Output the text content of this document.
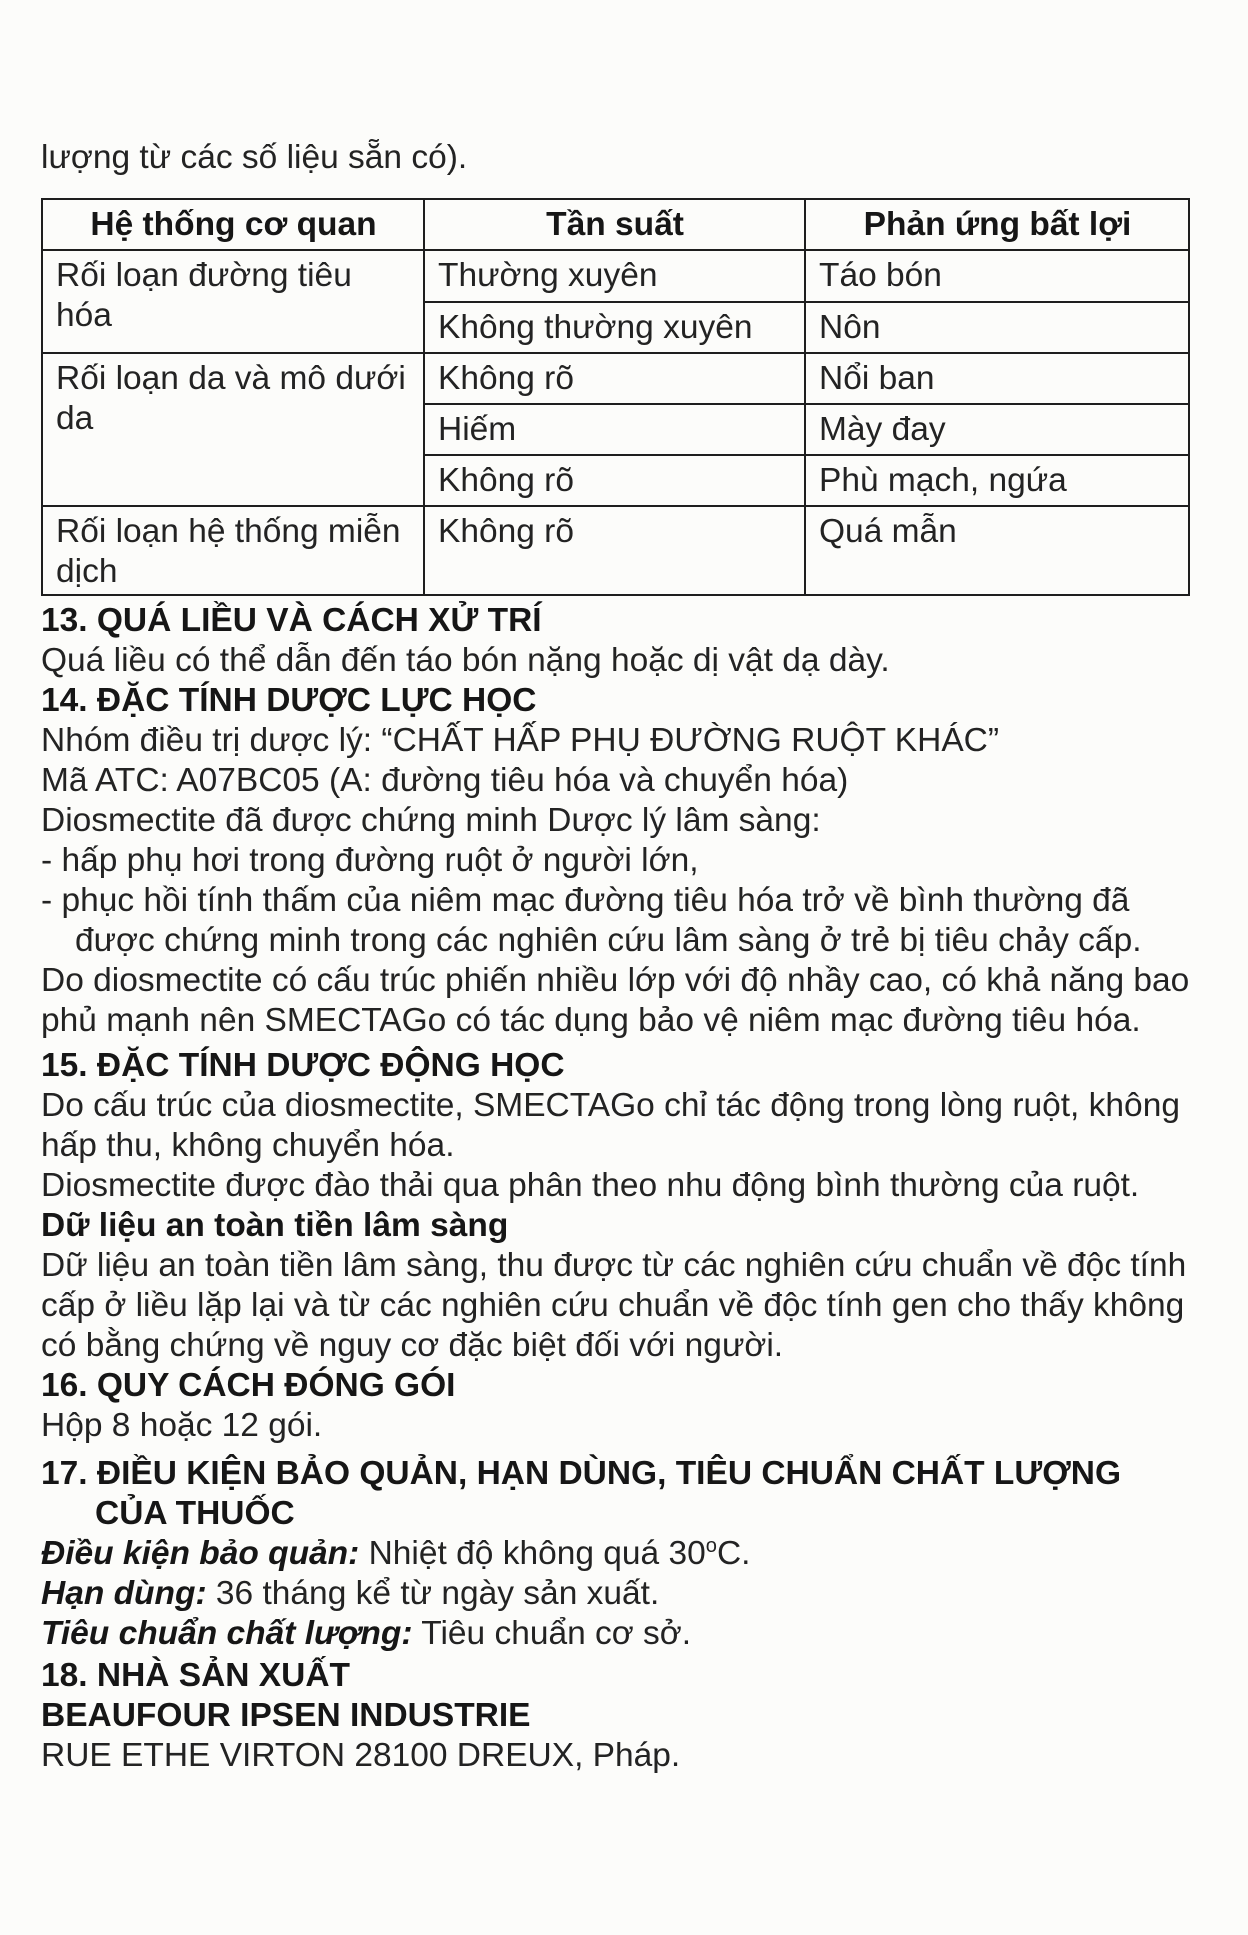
lượng từ các số liệu sẵn có).
Hệ thống cơ quan	Tần suất	Phản ứng bất lợi

Rối loạn đường tiêu
hóa	Thường xuyên	Táo bón
	Không thường xuyên	Nôn

Rối loạn da và mô dưới
da	Không rõ	Nổi ban
	Hiếm	Mày đay
	Không rõ	Phù mạch, ngứa

Rối loạn hệ thống miễn
dịch	Không rõ	Quá mẫn
13. QUÁ LIỀU VÀ CÁCH XỬ TRÍ
Quá liều có thể dẫn đến táo bón nặng hoặc dị vật dạ dày.
14. ĐẶC TÍNH DƯỢC LỰC HỌC
Nhóm điều trị dược lý: “CHẤT HẤP PHỤ ĐƯỜNG RUỘT KHÁC”
Mã ATC: A07BC05 (A: đường tiêu hóa và chuyển hóa)
Diosmectite đã được chứng minh Dược lý lâm sàng:
- hấp phụ hơi trong đường ruột ở người lớn,
- phục hồi tính thấm của niêm mạc đường tiêu hóa trở về bình thường đã
được chứng minh trong các nghiên cứu lâm sàng ở trẻ bị tiêu chảy cấp.
Do diosmectite có cấu trúc phiến nhiều lớp với độ nhầy cao, có khả năng bao
phủ mạnh nên SMECTAGo có tác dụng bảo vệ niêm mạc đường tiêu hóa.
15. ĐẶC TÍNH DƯỢC ĐỘNG HỌC
Do cấu trúc của diosmectite, SMECTAGo chỉ tác động trong lòng ruột, không
hấp thu, không chuyển hóa.
Diosmectite được đào thải qua phân theo nhu động bình thường của ruột.
Dữ liệu an toàn tiền lâm sàng
Dữ liệu an toàn tiền lâm sàng, thu được từ các nghiên cứu chuẩn về độc tính
cấp ở liều lặp lại và từ các nghiên cứu chuẩn về độc tính gen cho thấy không
có bằng chứng về nguy cơ đặc biệt đối với người.
16. QUY CÁCH ĐÓNG GÓI
Hộp 8 hoặc 12 gói.
17. ĐIỀU KIỆN BẢO QUẢN, HẠN DÙNG, TIÊU CHUẨN CHẤT LƯỢNG
CỦA THUỐC
Điều kiện bảo quản: Nhiệt độ không quá 30$^o$C.
Hạn dùng: 36 tháng kể từ ngày sản xuất.
Tiêu chuẩn chất lượng: Tiêu chuẩn cơ sở.
18. NHÀ SẢN XUẤT
BEAUFOUR IPSEN INDUSTRIE
RUE ETHE VIRTON 28100 DREUX, Pháp.
